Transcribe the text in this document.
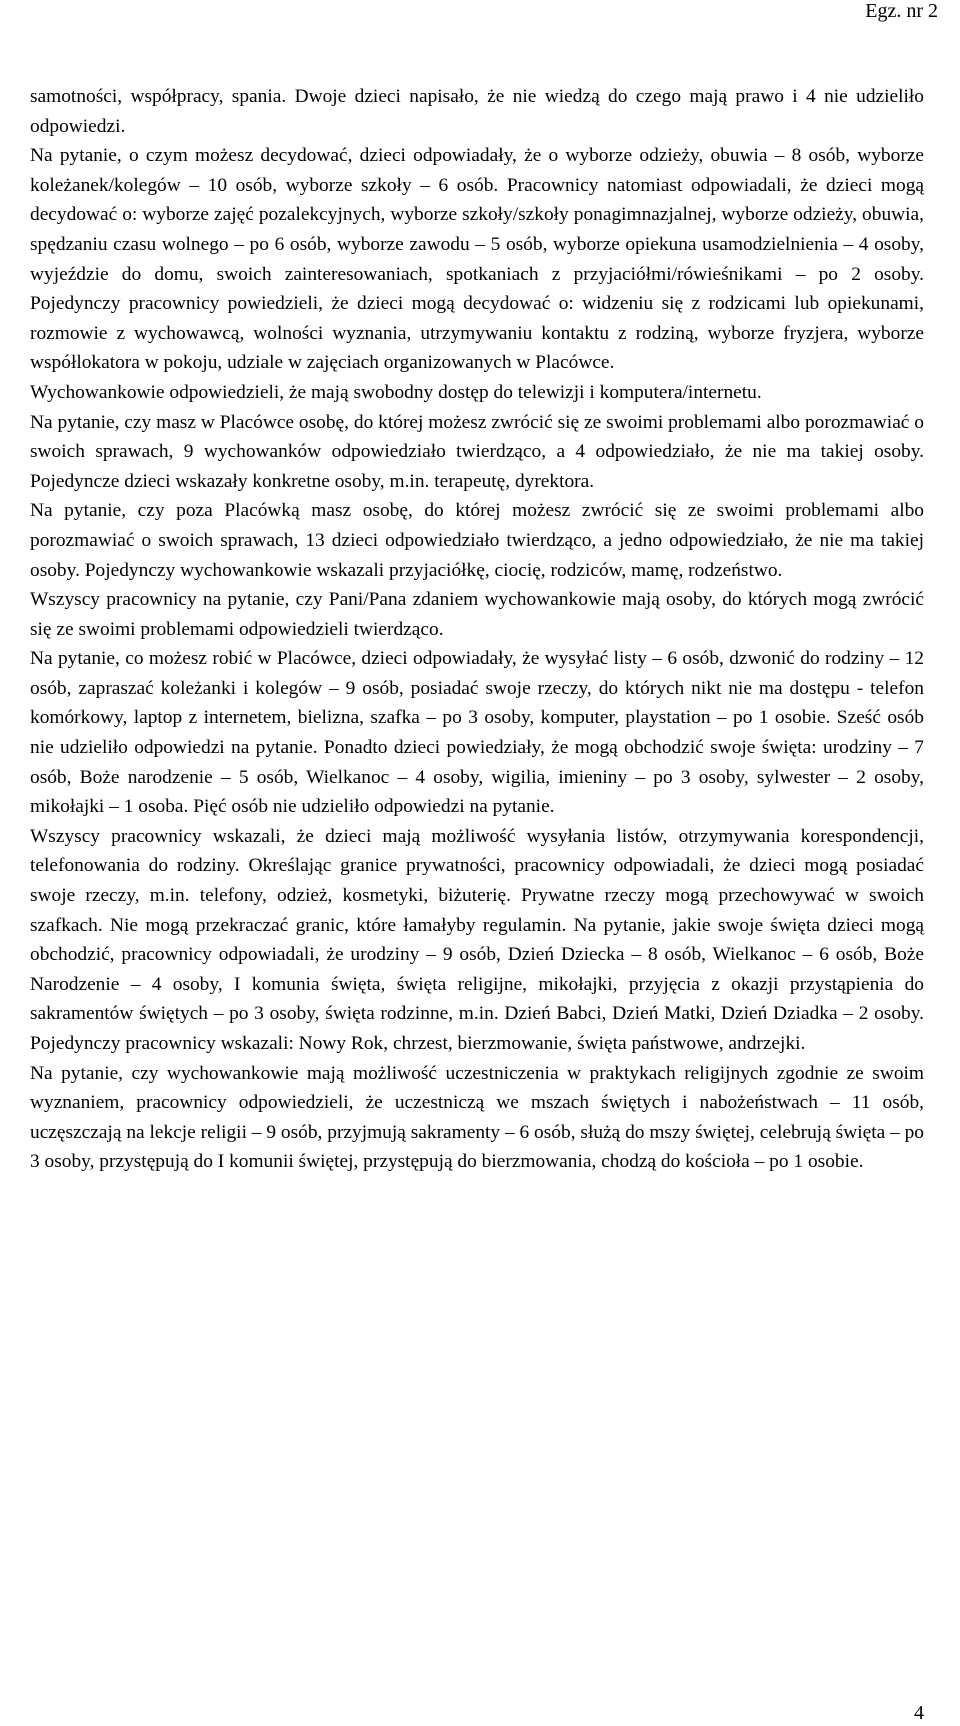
Egz. nr 2

samotności, współpracy, spania. Dwoje dzieci napisało, że nie wiedzą do czego mają prawo i 4 nie udzieliło odpowiedzi.

Na pytanie, o czym możesz decydować, dzieci odpowiadały, że o wyborze odzieży, obuwia – 8 osób, wyborze koleżanek/kolegów – 10 osób, wyborze szkoły – 6 osób. Pracownicy natomiast odpowiadali, że dzieci mogą decydować o: wyborze zajęć pozalekcyjnych, wyborze szkoły/szkoły ponagimnazjalnej, wyborze odzieży, obuwia, spędzaniu czasu wolnego – po 6 osób, wyborze zawodu – 5 osób, wyborze opiekuna usamodzielnienia – 4 osoby, wyjeździe do domu, swoich zainteresowaniach, spotkaniach z przyjaciółmi/rówieśnikami – po 2 osoby. Pojedynczy pracownicy powiedzieli, że dzieci mogą decydować o: widzeniu się z rodzicami lub opiekunami, rozmowie z wychowawcą, wolności wyznania, utrzymywaniu kontaktu z rodziną, wyborze fryzjera, wyborze współlokatora w pokoju, udziale w zajęciach organizowanych w Placówce.

Wychowankowie odpowiedzieli, że mają swobodny dostęp do telewizji i komputera/internetu.

Na pytanie, czy masz w Placówce osobę, do której możesz zwrócić się ze swoimi problemami albo porozmawiać o swoich sprawach, 9 wychowanków odpowiedziało twierdząco, a 4 odpowiedziało, że nie ma takiej osoby. Pojedyncze dzieci wskazały konkretne osoby, m.in. terapeutę, dyrektora.

Na pytanie, czy poza Placówką masz osobę, do której możesz zwrócić się ze swoimi problemami albo porozmawiać o swoich sprawach, 13 dzieci odpowiedziało twierdząco, a jedno odpowiedziało, że nie ma takiej osoby. Pojedynczy wychowankowie wskazali przyjaciółkę, ciocię, rodziców, mamę, rodzeństwo.

Wszyscy pracownicy na pytanie, czy Pani/Pana zdaniem wychowankowie mają osoby, do których mogą zwrócić się ze swoimi problemami odpowiedzieli twierdząco.

Na pytanie, co możesz robić w Placówce, dzieci odpowiadały, że wysyłać listy – 6 osób, dzwonić do rodziny – 12 osób, zapraszać koleżanki i kolegów – 9 osób, posiadać swoje rzeczy, do których nikt nie ma dostępu - telefon komórkowy, laptop z internetem, bielizna, szafka – po 3 osoby, komputer, playstation – po 1 osobie. Sześć osób nie udzieliło odpowiedzi na pytanie. Ponadto dzieci powiedziały, że mogą obchodzić swoje święta: urodziny – 7 osób, Boże narodzenie – 5 osób, Wielkanoc – 4 osoby, wigilia, imieniny – po 3 osoby, sylwester – 2 osoby, mikołajki – 1 osoba. Pięć osób nie udzieliło odpowiedzi na pytanie.

Wszyscy pracownicy wskazali, że dzieci mają możliwość wysyłania listów, otrzymywania korespondencji, telefonowania do rodziny. Określając granice prywatności, pracownicy odpowiadali, że dzieci mogą posiadać swoje rzeczy, m.in. telefony, odzież, kosmetyki, biżuterię. Prywatne rzeczy mogą przechowywać w swoich szafkach. Nie mogą przekraczać granic, które łamałyby regulamin. Na pytanie, jakie swoje święta dzieci mogą obchodzić, pracownicy odpowiadali, że urodziny – 9 osób, Dzień Dziecka – 8 osób, Wielkanoc – 6 osób, Boże Narodzenie – 4 osoby, I komunia święta, święta religijne, mikołajki, przyjęcia z okazji przystąpienia do sakramentów świętych – po 3 osoby, święta rodzinne, m.in. Dzień Babci, Dzień Matki, Dzień Dziadka – 2 osoby. Pojedynczy pracownicy wskazali: Nowy Rok, chrzest, bierzmowanie, święta państwowe, andrzejki.

Na pytanie, czy wychowankowie mają możliwość uczestniczenia w praktykach religijnych zgodnie ze swoim wyznaniem, pracownicy odpowiedzieli, że uczestniczą we mszach świętych i nabożeństwach – 11 osób, uczęszczają na lekcje religii – 9 osób, przyjmują sakramenty – 6 osób, służą do mszy świętej, celebrują święta – po 3 osoby, przystępują do I komunii świętej, przystępują do bierzmowania, chodzą do kościoła – po 1 osobie.

4
